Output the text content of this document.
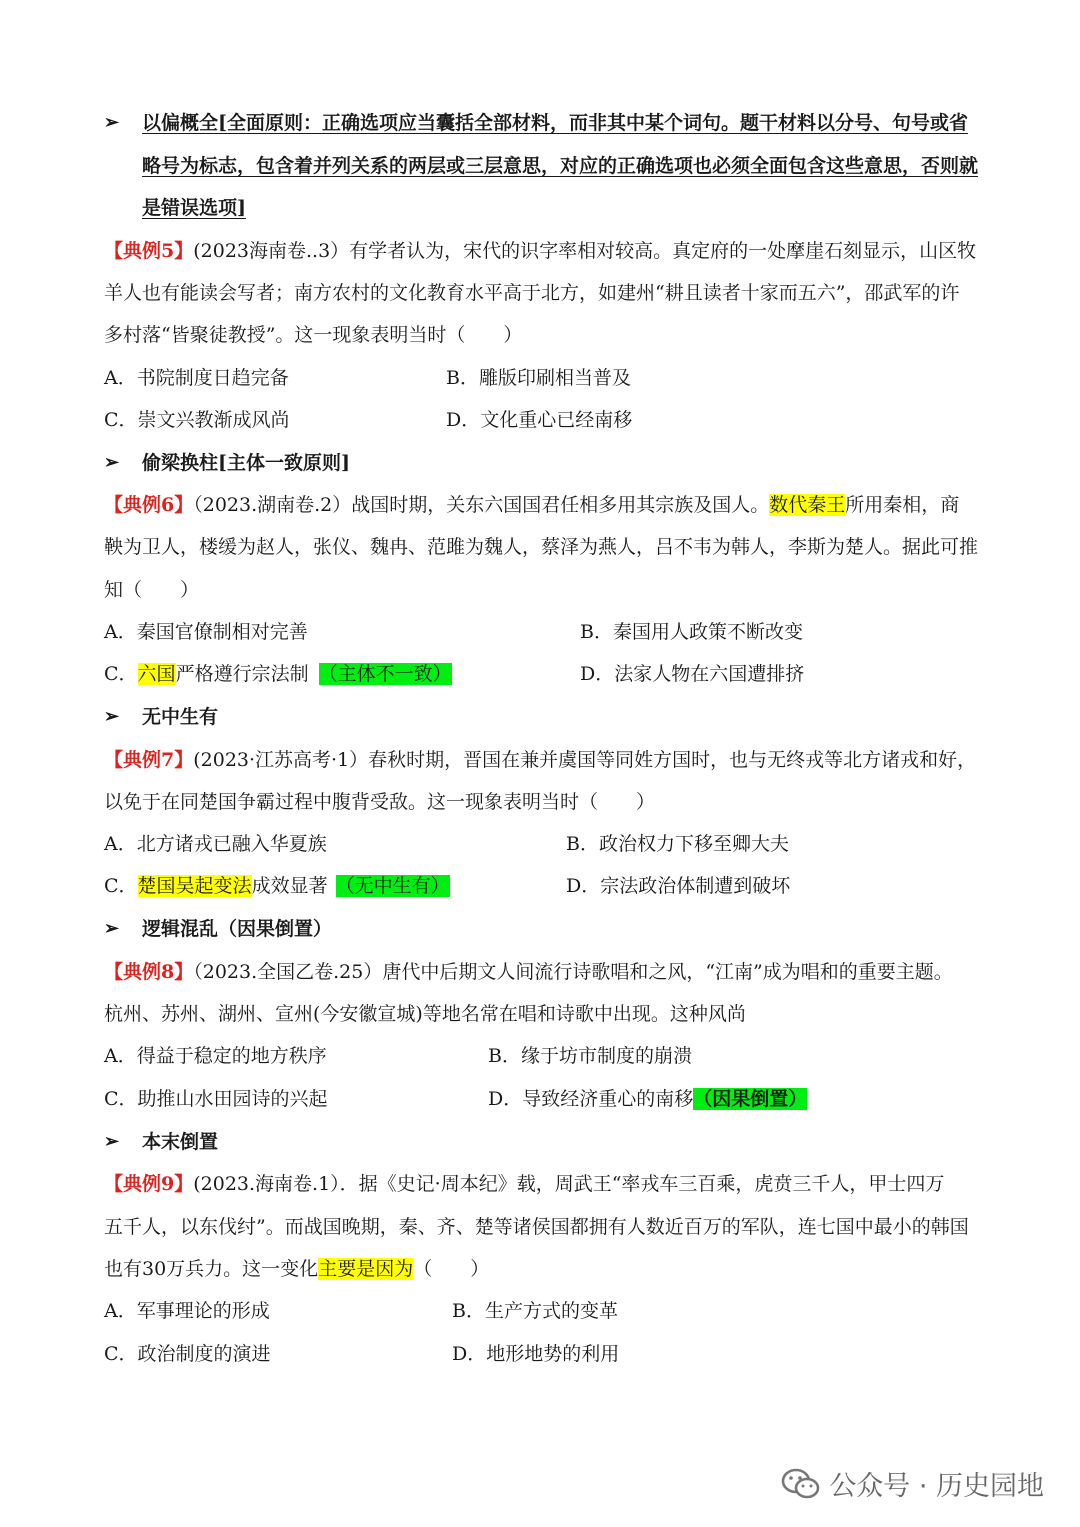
➢ 以偏概全[全面原则：正确选项应当囊括全部材料，而非其中某个词句。题干材料以分号、句号或省
略号为标志，包含着并列关系的两层或三层意思，对应的正确选项也必须全面包含这些意思，否则就
是错误选项]
【典例5】(2023海南卷..3）有学者认为，宋代的识字率相对较高。真定府的一处摩崖石刻显示，山区牧
羊人也有能读会写者；南方农村的文化教育水平高于北方，如建州“耕且读者十家而五六”，邵武军的许
多村落“皆聚徒教授”。这一现象表明当时（　　）
A．书院制度日趋完备	B．雕版印刷相当普及
C．崇文兴教渐成风尚	D．文化重心已经南移
➢ 偷梁换柱[主体一致原则]
【典例6】（2023.湖南卷.2）战国时期，关东六国国君任相多用其宗族及国人。数代秦王所用秦相，商
鞅为卫人，楼缓为赵人，张仪、魏冉、范雎为魏人，蔡泽为燕人，吕不韦为韩人，李斯为楚人。据此可推
知（　　）
A．秦国官僚制相对完善	B．秦国用人政策不断改变
C．六国严格遵行宗法制 （主体不一致）	D．法家人物在六国遭排挤
➢ 无中生有
【典例7】(2023·江苏高考·1）春秋时期，晋国在兼并虞国等同姓方国时，也与无终戎等北方诸戎和好，
以免于在同楚国争霸过程中腹背受敌。这一现象表明当时（　　）
A．北方诸戎已融入华夏族	B．政治权力下移至卿大夫
C．楚国吴起变法成效显著 （无中生有）	D．宗法政治体制遭到破坏
➢ 逻辑混乱（因果倒置）
【典例8】（2023.全国乙卷.25）唐代中后期文人间流行诗歌唱和之风，“江南”成为唱和的重要主题。
杭州、苏州、湖州、宣州(今安徽宣城)等地名常在唱和诗歌中出现。这种风尚
A．得益于稳定的地方秩序	B．缘于坊市制度的崩溃
C．助推山水田园诗的兴起	D．导致经济重心的南移（因果倒置）
➢ 本末倒置
【典例9】(2023.海南卷.1）．据《史记·周本纪》载，周武王“率戎车三百乘，虎贲三千人，甲士四万
五千人，以东伐纣”。而战国晚期，秦、齐、楚等诸侯国都拥有人数近百万的军队，连七国中最小的韩国
也有30万兵力。这一变化主要是因为（　　）
A．军事理论的形成	B．生产方式的变革
C．政治制度的演进	D．地形地势的利用
公众号 · 历史园地
